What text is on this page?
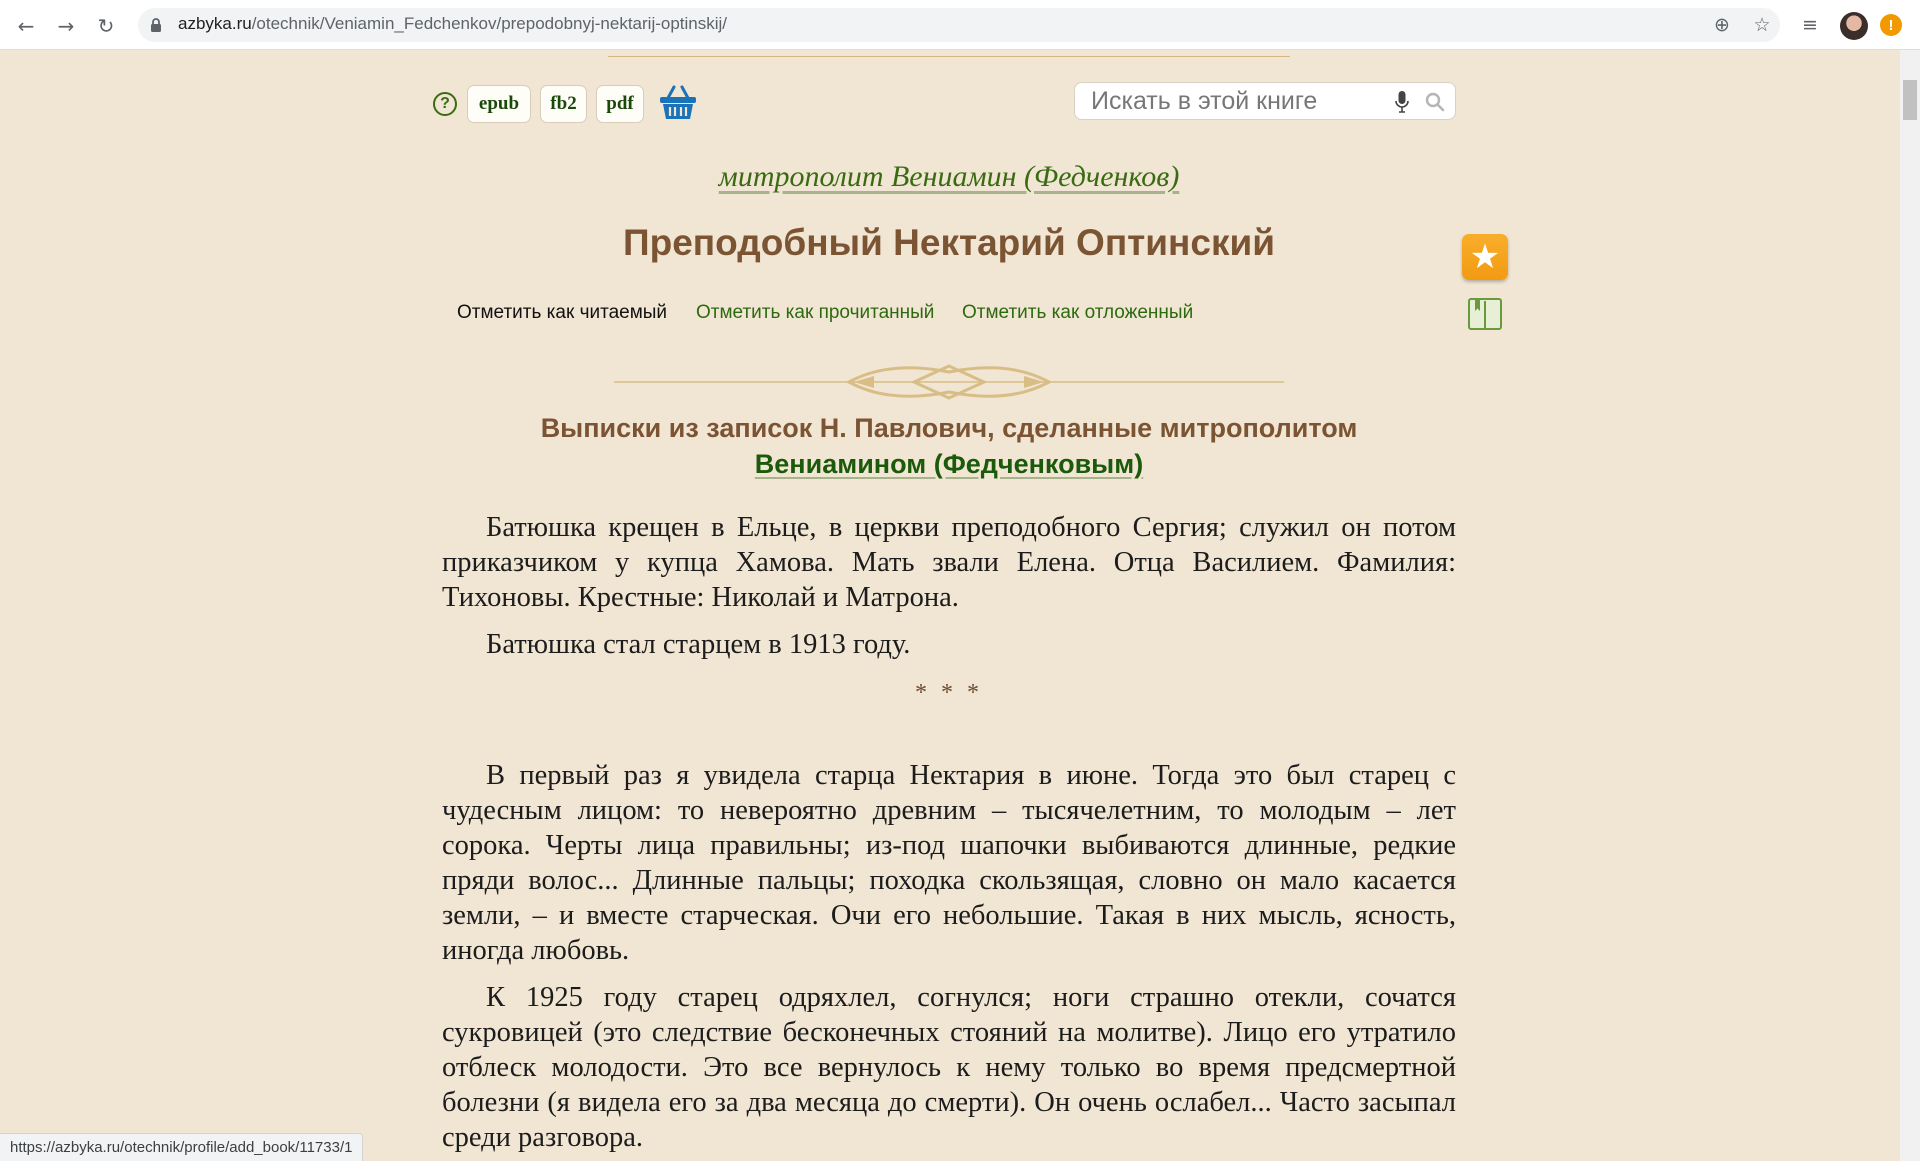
← → ↻	azbyka.ru/otechnik/Veniamin_Fedchenkov/prepodobnyj-nektarij-optinskij/	⊕ ☆ ≡	!
?	epub	fb2	pdf
Искать в этой книге
митрополит Вениамин (Федченков)
Преподобный Нектарий Оптинский	★
Отметить как читаемый Отметить как прочитанный Отметить как отложенный
Выписки из записок Н. Павлович, сделанные митрополитом
Вениамином (Федченковым)

Батюшка крещен в Ельце, в церкви преподобного Сергия; служил он потом приказчиком у купца Хамова. Мать звали Елена. Отца Василием. Фамилия: Тихоновы. Крестные: Николай и Матрона.

Батюшка стал старцем в 1913 году.

* * *

В первый раз я увидела старца Нектария в июне. Тогда это был старец с чудесным лицом: то невероятно древним – тысячелетним, то молодым – лет сорока. Черты лица правильны; из-под шапочки выбиваются длинные, редкие пряди волос... Длинные пальцы; походка скользящая, словно он мало касается земли, – и вместе старческая. Очи его небольшие. Такая в них мысль, ясность, иногда любовь.

К 1925 году старец одряхлел, согнулся; ноги страшно отекли, сочатся сукровицей (это следствие бесконечных стояний на молитве). Лицо его утратило отблеск молодости. Это все вернулось к нему только во время предсмертной болезни (я видела его за два месяца до смерти). Он очень ослабел... Часто засыпал среди разговора.

https://azbyka.ru/otechnik/profile/add_book/11733/1
